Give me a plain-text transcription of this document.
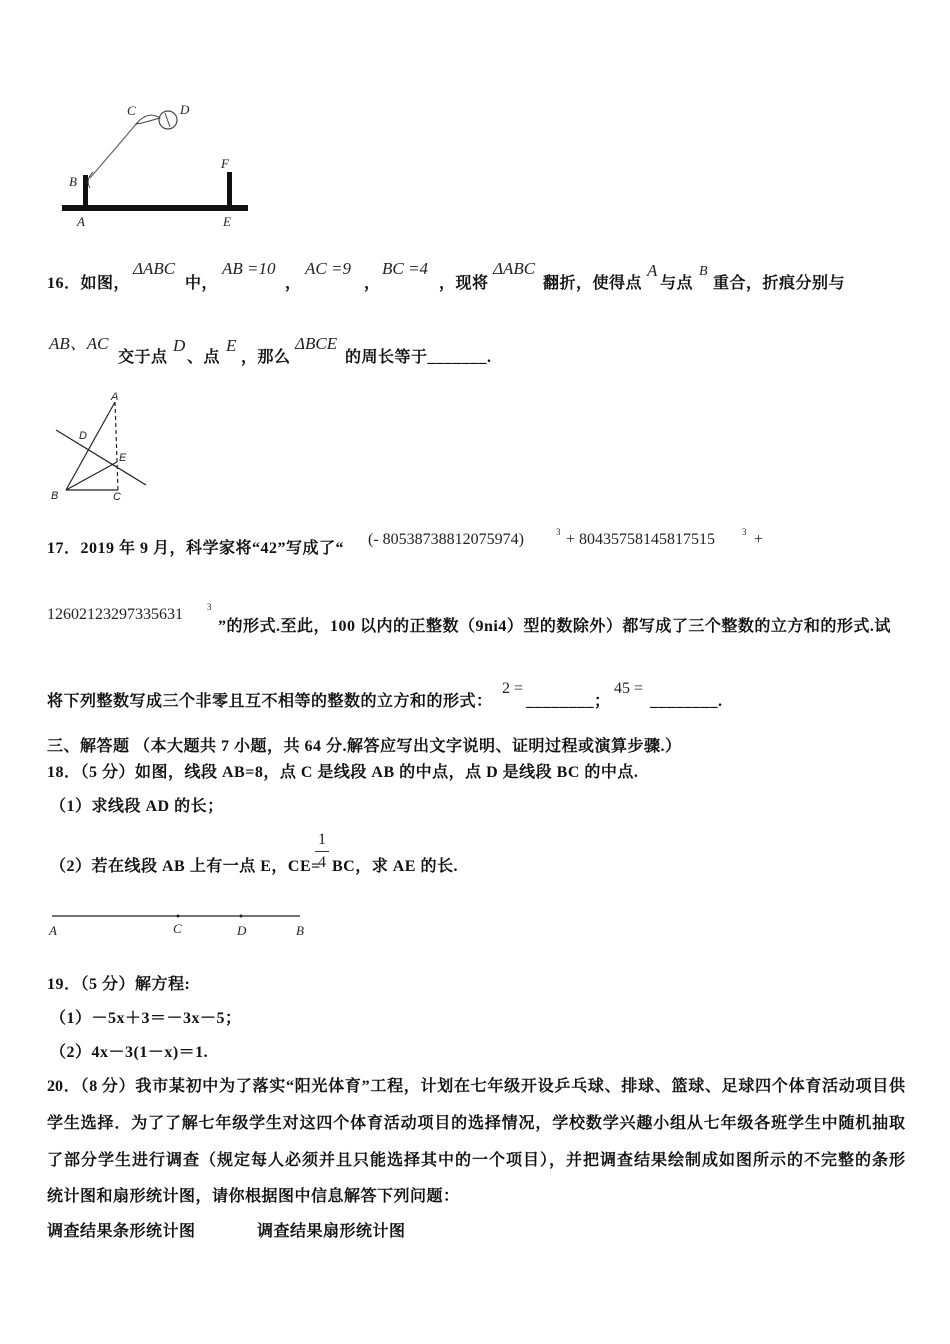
C	D
B
F
A	E
A
D
E
B	C
A	C	D	B
16．如图，
ΔABC
中，
AB =10
，
AC =9
，
BC =4
，现将
ΔABC
翻折，使得点
A
与点
B
重合，折痕分别与
AB、AC
交于点
D
、点
E
，那么
ΔBCE
的周长等于_______.
17．2019 年 9 月，科学家将“42”写成了“
(- 80538738812075974)	3 + 80435758145817515	3 +
12602123297335631	3
”的形式.至此，100 以内的正整数（9ni4）型的数除外）都写成了三个整数的立方和的形式.试
将下列整数写成三个非零且互不相等的整数的立方和的形式：
2 =
________；
45 =
________.
三、解答题 （本大题共 7 小题，共 64 分.解答应写出文字说明、证明过程或演算步骤.）
18．（5 分）如图，线段 AB=8，点 C 是线段 AB 的中点，点 D 是线段 BC 的中点.
（1）求线段 AD 的长；
（2）若在线段 AB 上有一点 E，CE=
1
4 BC，求 AE 的长.
19．（5 分）解方程:
（1）－5x＋3＝－3x－5；
（2）4x－3(1－x)＝1.
20．（8 分）我市某初中为了落实“阳光体育”工程，计划在七年级开设乒乓球、排球、篮球、足球四个体育活动项目供
学生选择．为了了解七年级学生对这四个体育活动项目的选择情况，学校数学兴趣小组从七年级各班学生中随机抽取
了部分学生进行调查（规定每人必须并且只能选择其中的一个项目），并把调查结果绘制成如图所示的不完整的条形
统计图和扇形统计图，请你根据图中信息解答下列问题：
调查结果条形统计图	调查结果扇形统计图
